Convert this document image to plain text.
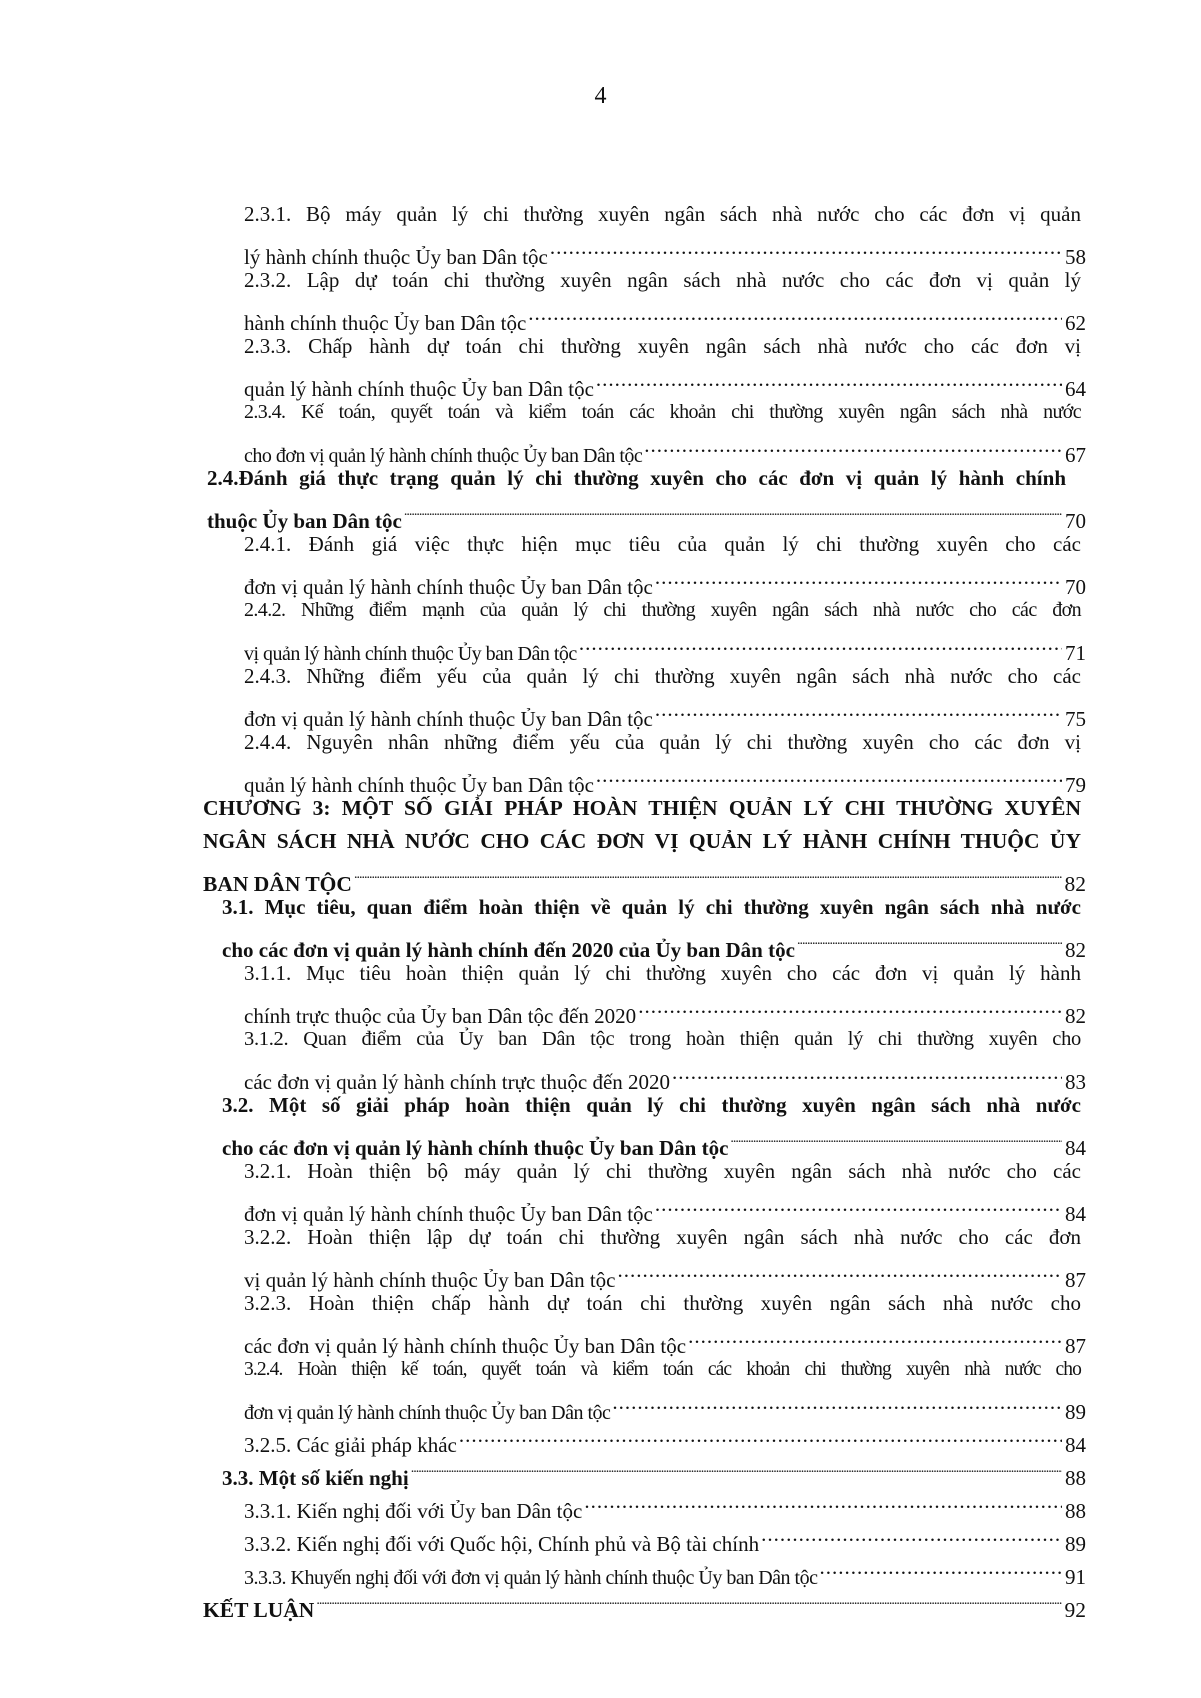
4
2.3.1. Bộ máy quản lý chi thường xuyên ngân sách nhà nước cho các đơn vị quản
lý hành chính thuộc Ủy ban Dân tộc .....	58
2.3.2. Lập dự toán chi thường xuyên ngân sách nhà nước cho các đơn vị quản lý
hành chính thuộc Ủy ban Dân tộc .....	62
2.3.3. Chấp hành dự toán chi thường xuyên ngân sách nhà nước cho các đơn vị
quản lý hành chính thuộc Ủy ban Dân tộc .....	64
2.3.4. Kế toán, quyết toán và kiểm toán các khoản chi thường xuyên ngân sách nhà nước
cho đơn vị quản lý hành chính thuộc Ủy ban Dân tộc .....	67
2.4.Đánh giá thực trạng quản lý chi thường xuyên cho các đơn vị quản lý hành chính
thuộc Ủy ban Dân tộc .....	70
2.4.1. Đánh giá việc thực hiện mục tiêu của quản lý chi thường xuyên cho các
đơn vị quản lý hành chính thuộc Ủy ban Dân tộc .....	70
2.4.2. Những điểm mạnh của quản lý chi thường xuyên ngân sách nhà nước cho các đơn
vị quản lý hành chính thuộc Ủy ban Dân tộc .....	71
2.4.3. Những điểm yếu của quản lý chi thường xuyên ngân sách nhà nước cho các
đơn vị quản lý hành chính thuộc Ủy ban Dân tộc .....	75
2.4.4. Nguyên nhân những điểm yếu của quản lý chi thường xuyên cho các đơn vị
quản lý hành chính thuộc Ủy ban Dân tộc .....	79
CHƯƠNG 3: MỘT SỐ GIẢI PHÁP HOÀN THIỆN QUẢN LÝ CHI THƯỜNG XUYÊN
NGÂN SÁCH NHÀ NƯỚC CHO CÁC ĐƠN VỊ QUẢN LÝ HÀNH CHÍNH THUỘC ỦY
BAN DÂN TỘC .....	82
3.1. Mục tiêu, quan điểm hoàn thiện về quản lý chi thường xuyên ngân sách nhà nước
cho các đơn vị quản lý hành chính đến 2020 của Ủy ban Dân tộc .....	82
3.1.1. Mục tiêu hoàn thiện quản lý chi thường xuyên cho các đơn vị quản lý hành
chính trực thuộc của Ủy ban Dân tộc đến 2020 .....	82
3.1.2. Quan điểm của Ủy ban Dân tộc trong hoàn thiện quản lý chi thường xuyên cho
các đơn vị quản lý hành chính trực thuộc đến 2020 .....	83
3.2. Một số giải pháp hoàn thiện quản lý chi thường xuyên ngân sách nhà nước
cho các đơn vị quản lý hành chính thuộc Ủy ban Dân tộc .....	84
3.2.1. Hoàn thiện bộ máy quản lý chi thường xuyên ngân sách nhà nước cho các
đơn vị quản lý hành chính thuộc Ủy ban Dân tộc .....	84
3.2.2. Hoàn thiện lập dự toán chi thường xuyên ngân sách nhà nước cho các đơn
vị quản lý hành chính thuộc Ủy ban Dân tộc .....	87
3.2.3. Hoàn thiện chấp hành dự toán chi thường xuyên ngân sách nhà nước cho
các đơn vị quản lý hành chính thuộc Ủy ban Dân tộc .....	87
3.2.4. Hoàn thiện kế toán, quyết toán và kiểm toán các khoản chi thường xuyên nhà nước cho
đơn vị quản lý hành chính thuộc Ủy ban Dân tộc .....	89
3.2.5. Các giải pháp khác .....	84
3.3. Một số kiến nghị .....	88
3.3.1. Kiến nghị đối với Ủy ban Dân tộc .....	88
3.3.2. Kiến nghị đối với Quốc hội, Chính phủ và Bộ tài chính .....	89
3.3.3. Khuyến nghị đối với đơn vị quản lý hành chính thuộc Ủy ban Dân tộc .....	91
KẾT LUẬN .....	92
